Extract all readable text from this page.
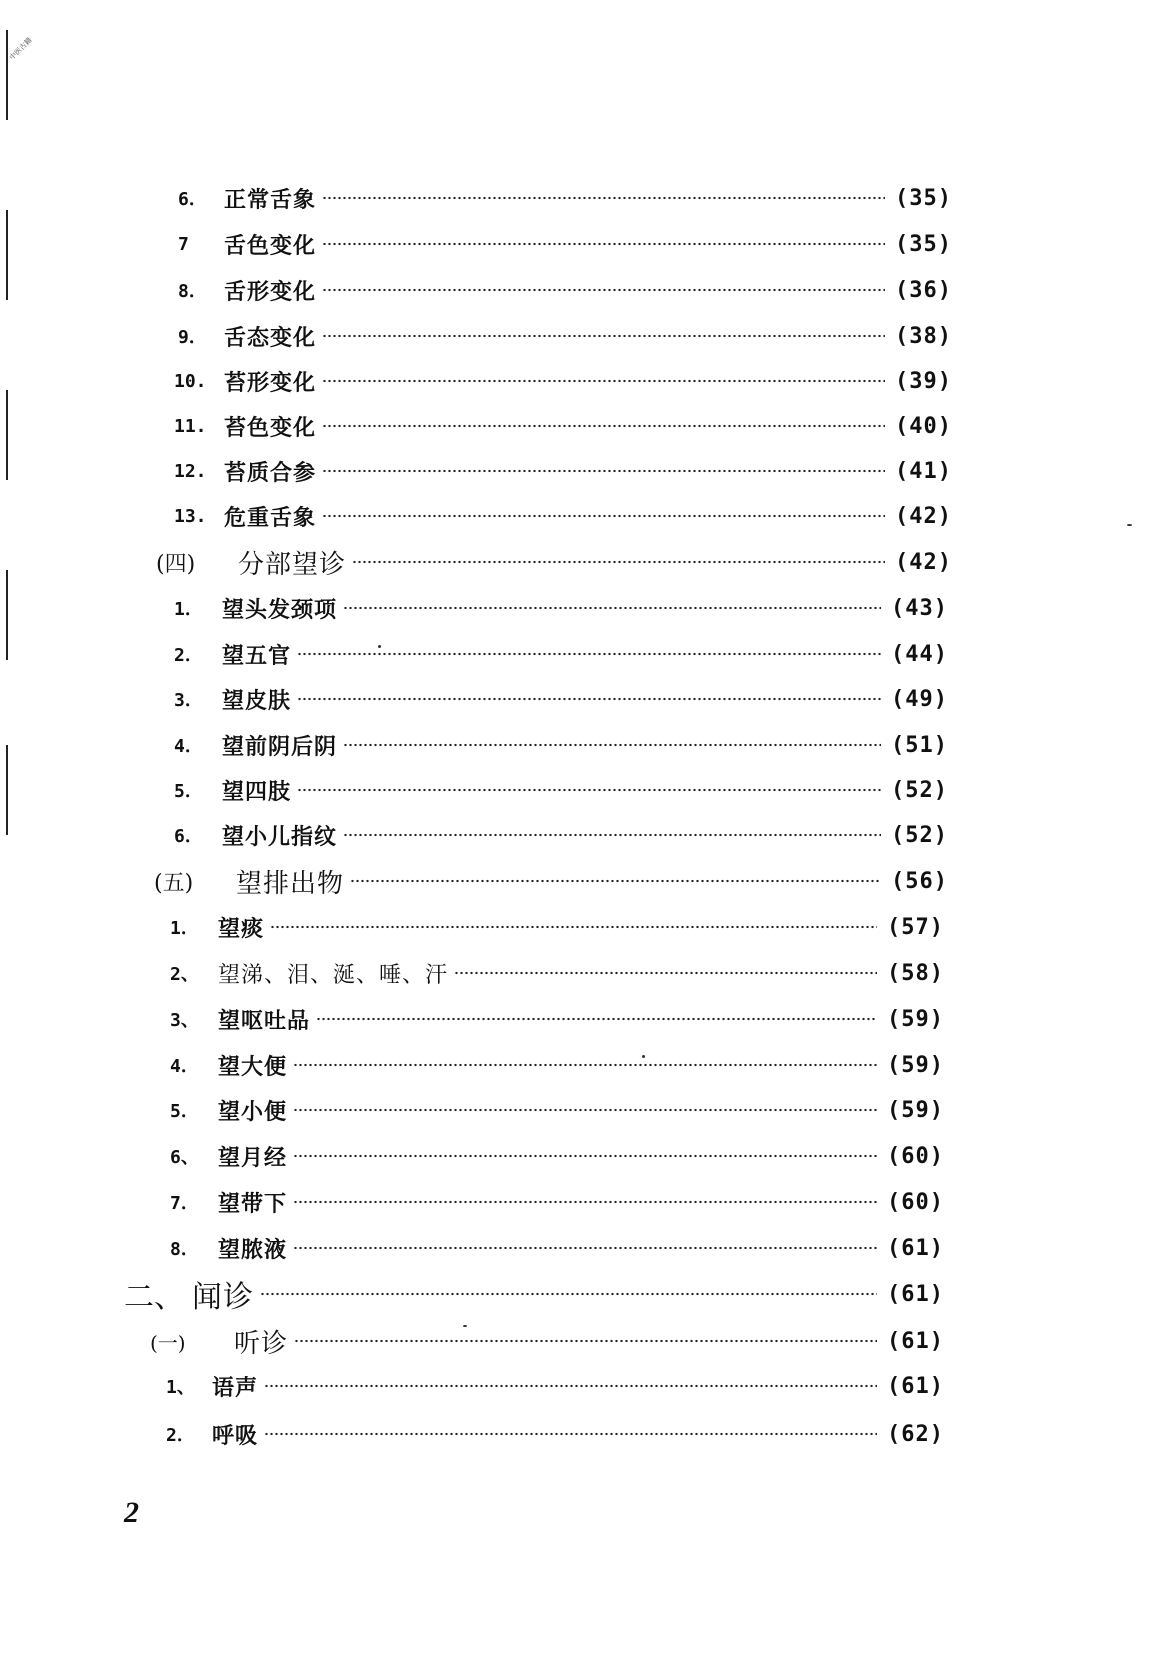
中医古籍
6． 正常舌象	(35)
7	舌色变化	(35)
8． 舌形变化	(36)
9． 舌态变化	(38)
10. 苔形变化	(39)
11. 苔色变化	(40)
12. 苔质合参	(41)
13. 危重舌象	(42)
(四)	分部望诊	(42)
1． 望头发颈项	(43)
2． 望五官	(44)
3． 望皮肤	(49)
4． 望前阴后阴	(51)
5． 望四肢	(52)
6． 望小儿指纹	(52)
(五)	望排出物	(56)
1． 望痰	(57)
2、 望涕、泪、涎、唾、汗	(58)
3、 望呕吐品	(59)
4． 望大便	(59)
5． 望小便	(59)
6、 望月经	(60)
7． 望带下	(60)
8． 望脓液	(61)
二、 闻诊	(61)
(一)	听诊	(61)
1、 语声	(61)
2． 呼吸	(62)
2
